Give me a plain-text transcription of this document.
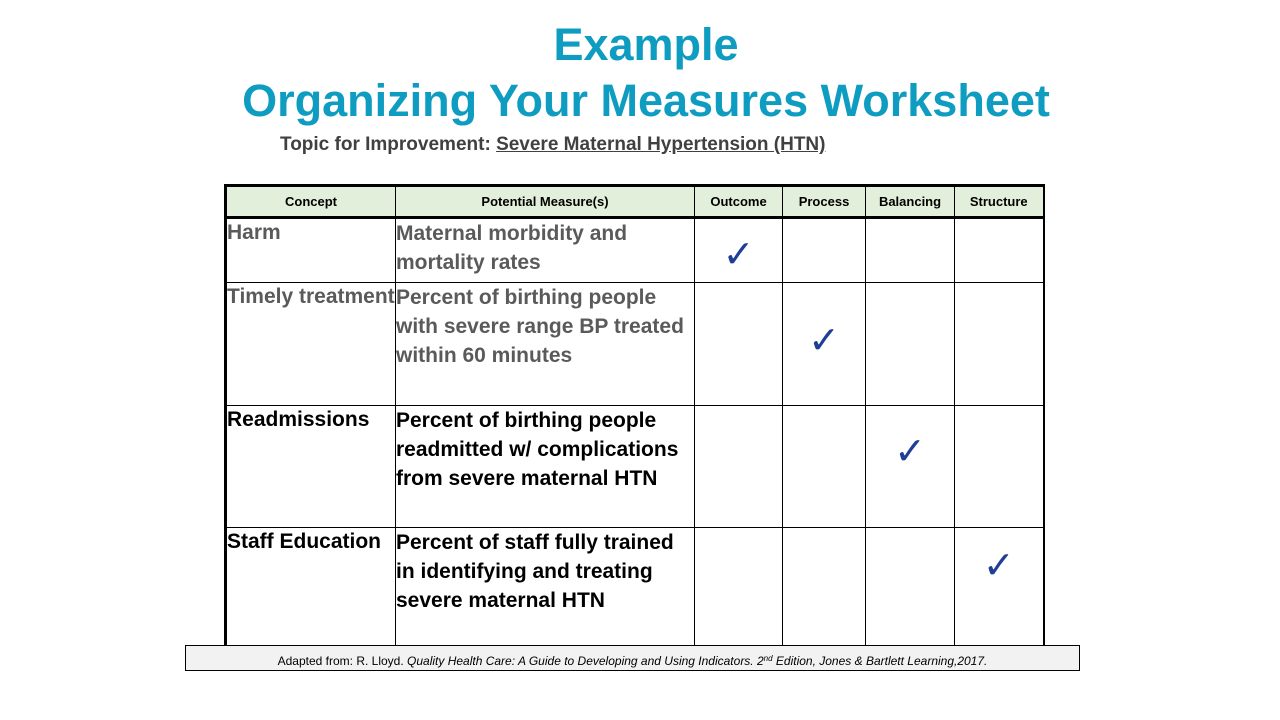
Example
Organizing Your Measures Worksheet
Topic for Improvement: Severe Maternal Hypertension (HTN)
Concept	Potential Measure(s)	Outcome	Process	Balancing	Structure
Harm	Maternal morbidity and mortality rates	✓			

Timely treatment	Percent of birthing people with severe range BP treated within 60 minutes		✓		

Readmissions	Percent of birthing people readmitted w/ complications from severe maternal HTN			✓	

Staff Education	Percent of staff fully trained in identifying and treating severe maternal HTN				✓
Adapted from: R. Lloyd. Quality Health Care: A Guide to Developing and Using Indicators. 2nd Edition, Jones & Bartlett Learning,2017.
